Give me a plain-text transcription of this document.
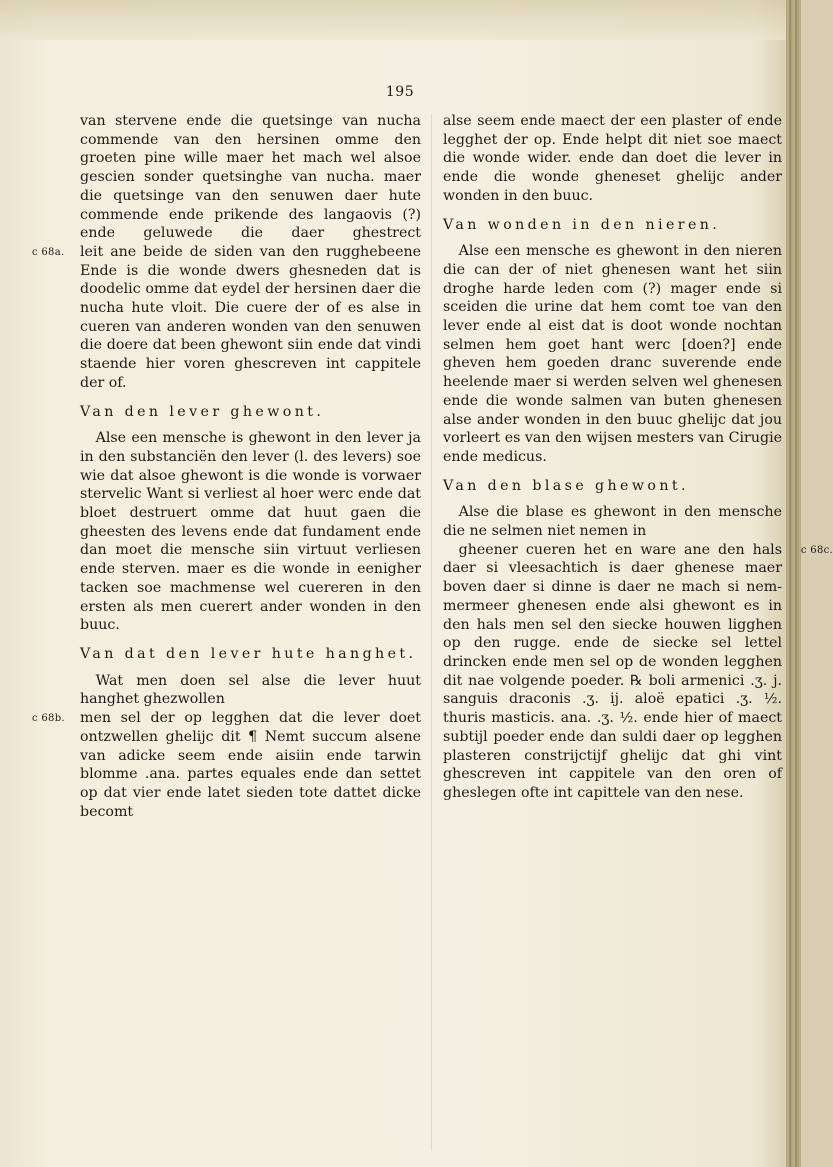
195

van stervene ende die quetsinge van nucha commende van den hersinen omme den groeten pine wille maer het mach wel alsoe gescien sonder quetsinghe van nucha. maer die quetsinge van den senuwen daer hute commende ende prikende des langaovis (?) ende geluwede die daer ghestrect

c 68a. leit ane beide de siden van den rugghebeene Ende is die wonde dwers ghesneden dat is doodelic omme dat eydel der hersinen daer die nucha hute vloit. Die cuere der of es alse in cueren van anderen wonden van den senuwen die doere dat been ghewont siin ende dat vindi staende hier voren ghescreven int cappitele der of.

Van den lever ghewont.

Alse een mensche is ghewont in den lever ja in den substanciën den lever (l. des levers) soe wie dat alsoe ghewont is die wonde is vorwaer stervelic Want si verliest al hoer werc ende dat bloet destruert omme dat huut gaen die gheesten des levens ende dat fundament ende dan moet die mensche siin virtuut verliesen ende sterven. maer es die wonde in eenigher tacken soe machmense wel cuereren in den ersten als men cuerert ander wonden in den buuc.

Van dat den lever hute hanghet.

Wat men doen sel alse die lever huut hanghet ghezwollen

c 68b. men sel der op legghen dat die lever doet ontzwellen ghelijc dit ¶ Nemt succum alsene van adicke seem ende aisiin ende tarwin blomme .ana. partes equales ende dan settet op dat vier ende latet sieden tote dattet dicke becomt

alse seem ende maect der een plaster of ende legghet der op. Ende helpt dit niet soe maect die wonde wider. ende dan doet die lever in ende die wonde gheneset ghelijc ander wonden in den buuc.

Van wonden in den nieren.

Alse een mensche es ghewont in den nieren die can der of niet ghenesen want het siin droghe harde leden com (?) mager ende si sceiden die urine dat hem comt toe van den lever ende al eist dat is doot wonde nochtan selmen hem goet hant werc [doen?] ende gheven hem goeden dranc suverende ende heelende maer si werden selven wel ghenesen ende die wonde salmen van buten ghenesen alse ander wonden in den buuc ghelijc dat jou vorleert es van den wijsen mesters van Cirugie ende medicus.

Van den blase ghewont.

Alse die blase es ghewont in den mensche die ne selmen niet nemen in

c 68c.
gheener cueren het en ware ane den hals daer si vleesachtich is daer ghenese maer boven daer si dinne is daer ne mach si nemmermeer ghenesen ende alsi ghewont es in den hals men sel den siecke houwen ligghen op den rugge. ende de siecke sel lettel drincken ende men sel op de wonden legghen dit nae volgende poeder. ℞ boli armenici .ʒ. j. sanguis draconis .ʒ. ij. aloë epatici .ʒ. ½. thuris masticis. ana. .ʒ. ½. ende hier of maect subtijl poeder ende dan suldi daer op legghen plasteren constrijctijf ghelijc dat ghi vint ghescreven int cappitele van den oren of gheslegen ofte int capittele van den nese.
